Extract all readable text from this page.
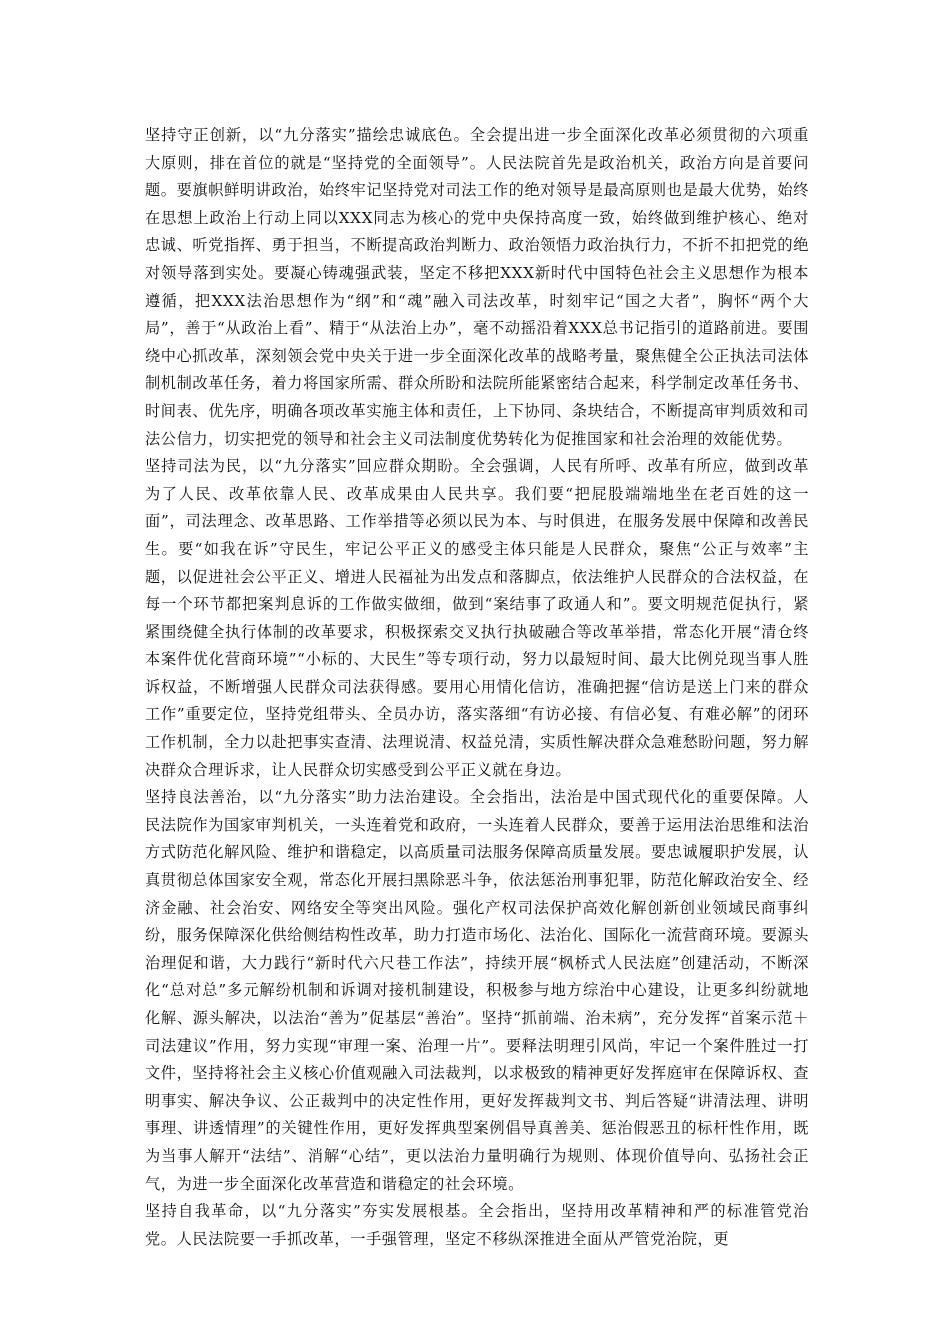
坚持守正创新，以“九分落实”描绘忠诚底色。全会提出进一步全面深化改革必须贯彻的六项重大原则，排在首位的就是“坚持党的全面领导”。人民法院首先是政治机关，政治方向是首要问题。要旗帜鲜明讲政治，始终牢记坚持党对司法工作的绝对领导是最高原则也是最大优势，始终在思想上政治上行动上同以XXX同志为核心的党中央保持高度一致，始终做到维护核心、绝对忠诚、听党指挥、勇于担当，不断提高政治判断力、政治领悟力政治执行力，不折不扣把党的绝对领导落到实处。要凝心铸魂强武装，坚定不移把XXX新时代中国特色社会主义思想作为根本遵循，把XXX法治思想作为“纲”和“魂”融入司法改革，时刻牢记“国之大者”，胸怀“两个大局”，善于“从政治上看”、精于“从法治上办”，毫不动摇沿着XXX总书记指引的道路前进。要围绕中心抓改革，深刻领会党中央关于进一步全面深化改革的战略考量，聚焦健全公正执法司法体制机制改革任务，着力将国家所需、群众所盼和法院所能紧密结合起来，科学制定改革任务书、时间表、优先序，明确各项改革实施主体和责任，上下协同、条块结合，不断提高审判质效和司法公信力，切实把党的领导和社会主义司法制度优势转化为促推国家和社会治理的效能优势。

坚持司法为民，以“九分落实”回应群众期盼。全会强调，人民有所呼、改革有所应，做到改革为了人民、改革依靠人民、改革成果由人民共享。我们要“把屁股端端地坐在老百姓的这一面”，司法理念、改革思路、工作举措等必须以民为本、与时俱进，在服务发展中保障和改善民生。要“如我在诉”守民生，牢记公平正义的感受主体只能是人民群众，聚焦“公正与效率”主题，以促进社会公平正义、增进人民福祉为出发点和落脚点，依法维护人民群众的合法权益，在每一个环节都把案判息诉的工作做实做细，做到“案结事了政通人和”。要文明规范促执行，紧紧围绕健全执行体制的改革要求，积极探索交叉执行执破融合等改革举措，常态化开展“清仓终本案件优化营商环境”“小标的、大民生”等专项行动，努力以最短时间、最大比例兑现当事人胜诉权益，不断增强人民群众司法获得感。要用心用情化信访，准确把握“信访是送上门来的群众工作”重要定位，坚持党组带头、全员办访，落实落细“有访必接、有信必复、有难必解”的闭环工作机制，全力以赴把事实查清、法理说清、权益兑清，实质性解决群众急难愁盼问题，努力解决群众合理诉求，让人民群众切实感受到公平正义就在身边。

坚持良法善治，以“九分落实”助力法治建设。全会指出，法治是中国式现代化的重要保障。人民法院作为国家审判机关，一头连着党和政府，一头连着人民群众，要善于运用法治思维和法治方式防范化解风险、维护和谐稳定，以高质量司法服务保障高质量发展。要忠诚履职护发展，认真贯彻总体国家安全观，常态化开展扫黑除恶斗争，依法惩治刑事犯罪，防范化解政治安全、经济金融、社会治安、网络安全等突出风险。强化产权司法保护高效化解创新创业领域民商事纠纷，服务保障深化供给侧结构性改革，助力打造市场化、法治化、国际化一流营商环境。要源头治理促和谐，大力践行“新时代六尺巷工作法”，持续开展“枫桥式人民法庭”创建活动，不断深化“总对总”多元解纷机制和诉调对接机制建设，积极参与地方综治中心建设，让更多纠纷就地化解、源头解决，以法治“善为”促基层“善治”。坚持“抓前端、治未病”，充分发挥“首案示范＋司法建议”作用，努力实现“审理一案、治理一片”。要释法明理引风尚，牢记一个案件胜过一打文件，坚持将社会主义核心价值观融入司法裁判，以求极致的精神更好发挥庭审在保障诉权、查明事实、解决争议、公正裁判中的决定性作用，更好发挥裁判文书、判后答疑“讲清法理、讲明事理、讲透情理”的关键性作用，更好发挥典型案例倡导真善美、惩治假恶丑的标杆性作用，既为当事人解开“法结”、消解“心结”，更以法治力量明确行为规则、体现价值导向、弘扬社会正气，为进一步全面深化改革营造和谐稳定的社会环境。

坚持自我革命，以“九分落实”夯实发展根基。全会指出，坚持用改革精神和严的标准管党治党。人民法院要一手抓改革，一手强管理，坚定不移纵深推进全面从严管党治院，更
